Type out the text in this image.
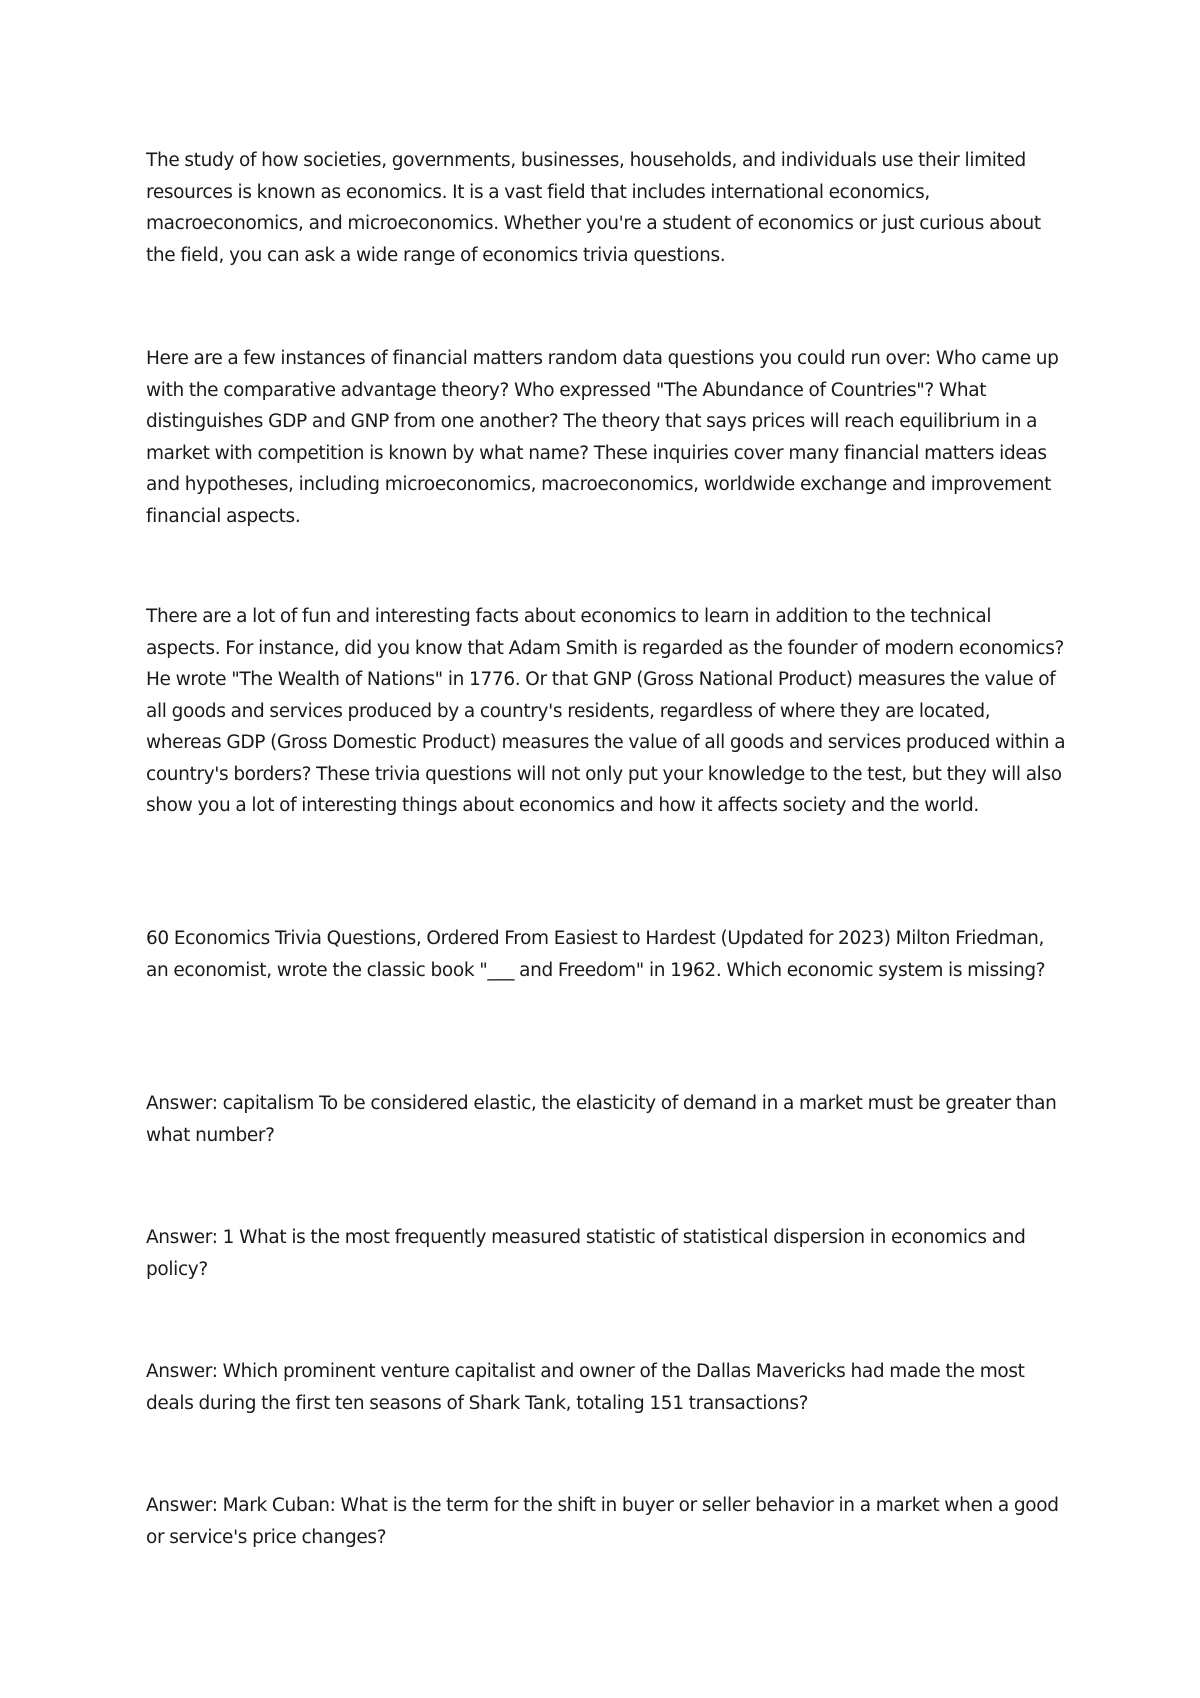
The study of how societies, governments, businesses, households, and individuals use their limited resources is known as economics. It is a vast field that includes international economics, macroeconomics, and microeconomics. Whether you're a student of economics or just curious about the field, you can ask a wide range of economics trivia questions.

Here are a few instances of financial matters random data questions you could run over: Who came up with the comparative advantage theory? Who expressed "The Abundance of Countries"? What distinguishes GDP and GNP from one another? The theory that says prices will reach equilibrium in a market with competition is known by what name? These inquiries cover many financial matters ideas and hypotheses, including microeconomics, macroeconomics, worldwide exchange and improvement financial aspects.

There are a lot of fun and interesting facts about economics to learn in addition to the technical aspects. For instance, did you know that Adam Smith is regarded as the founder of modern economics? He wrote "The Wealth of Nations" in 1776. Or that GNP (Gross National Product) measures the value of all goods and services produced by a country's residents, regardless of where they are located, whereas GDP (Gross Domestic Product) measures the value of all goods and services produced within a country's borders? These trivia questions will not only put your knowledge to the test, but they will also show you a lot of interesting things about economics and how it affects society and the world.

60 Economics Trivia Questions, Ordered From Easiest to Hardest (Updated for 2023) Milton Friedman, an economist, wrote the classic book "___ and Freedom" in 1962. Which economic system is missing?

Answer: capitalism To be considered elastic, the elasticity of demand in a market must be greater than what number?

Answer: 1 What is the most frequently measured statistic of statistical dispersion in economics and policy?

Answer: Which prominent venture capitalist and owner of the Dallas Mavericks had made the most deals during the first ten seasons of Shark Tank, totaling 151 transactions?

Answer: Mark Cuban: What is the term for the shift in buyer or seller behavior in a market when a good or service's price changes?
